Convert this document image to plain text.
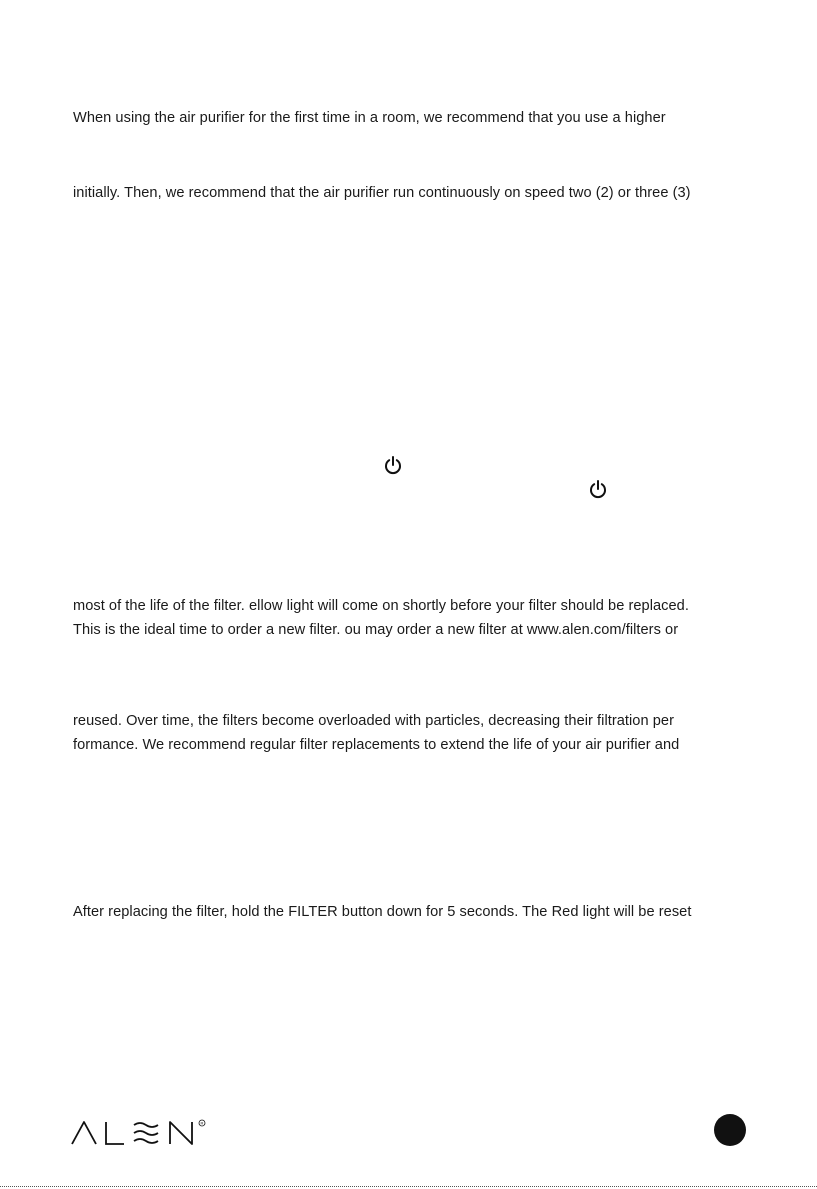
When using the air purifier for the first time in a room, we recommend that you use a higher
initially. Then, we recommend that the air purifier run continuously on speed two (2) or three (3)
most of the life of the filter. ellow light will come on shortly before your filter should be replaced.
This is the ideal time to order a new filter. ou may order a new filter at www.alen.com/filters or
reused. Over time, the filters become overloaded with particles, decreasing their filtration per
formance. We recommend regular filter replacements to extend the life of your air purifier and
After replacing the filter, hold the FILTER button down for 5 seconds. The Red light will be reset
R
